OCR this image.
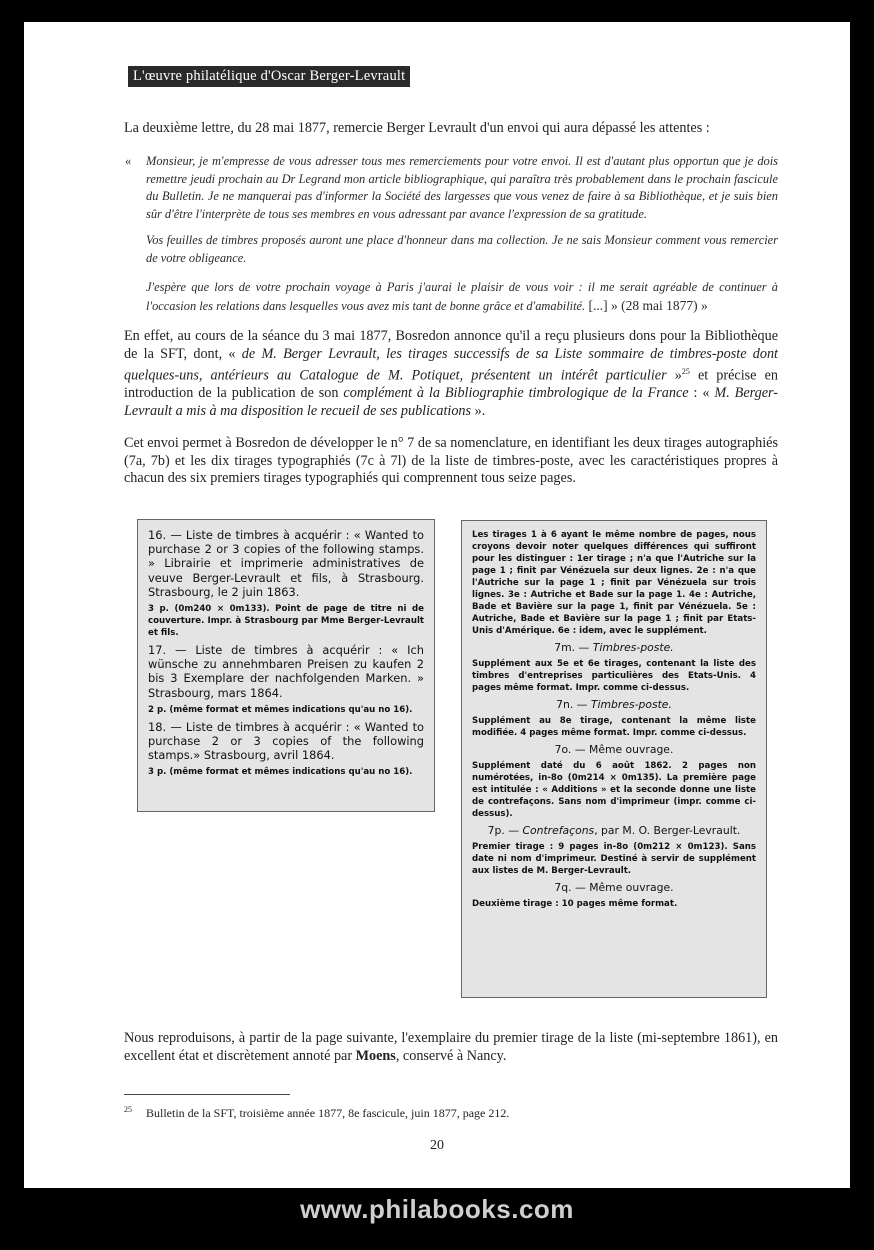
L'œuvre philatélique d'Oscar Berger-Levrault
La deuxième lettre, du 28 mai 1877, remercie Berger Levrault d'un envoi qui aura dépassé les attentes :
« Monsieur, je m'empresse de vous adresser tous mes remerciements pour votre envoi. Il est d'autant plus opportun que je dois remettre jeudi prochain au Dr Legrand mon article bibliographique, qui paraîtra très probablement dans le prochain fascicule du Bulletin. Je ne manquerai pas d'informer la Société des largesses que vous venez de faire à sa Bibliothèque, et je suis bien sûr d'être l'interprète de tous ses membres en vous adressant par avance l'expression de sa gratitude.
Vos feuilles de timbres proposés auront une place d'honneur dans ma collection. Je ne sais Monsieur comment vous remercier de votre obligeance.
J'espère que lors de votre prochain voyage à Paris j'aurai le plaisir de vous voir : il me serait agréable de continuer à l'occasion les relations dans lesquelles vous avez mis tant de bonne grâce et d'amabilité. [...] » (28 mai 1877) »
En effet, au cours de la séance du 3 mai 1877, Bosredon annonce qu'il a reçu plusieurs dons pour la Bibliothèque de la SFT, dont, « de M. Berger Levrault, les tirages successifs de sa Liste sommaire de timbres-poste dont quelques-uns, antérieurs au Catalogue de M. Potiquet, présentent un intérêt particulier »$^{25}$ et précise en introduction de la publication de son complément à la Bibliographie timbrologique de la France : « M. Berger-Levrault a mis à ma disposition le recueil de ses publications ».
Cet envoi permet à Bosredon de développer le n° 7 de sa nomenclature, en identifiant les deux tirages autographiés (7a, 7b) et les dix tirages typographiés (7c à 7l) de la liste de timbres-poste, avec les caractéristiques propres à chacun des six premiers tirages typographiés qui comprennent tous seize pages.

16. — Liste de timbres à acquérir : « Wanted to purchase 2 or 3 copies of the following stamps. » Librairie et imprimerie administratives de veuve Berger-Levrault et fils, à Strasbourg. Strasbourg, le 2 juin 1863.

3 p. (0m240 × 0m133). Point de page de titre ni de couverture. Impr. à Strasbourg par Mme Berger-Levrault et fils.

17. — Liste de timbres à acquérir : « Ich wünsche zu annehmbaren Preisen zu kaufen 2 bis 3 Exemplare der nachfolgenden Marken. » Strasbourg, mars 1864.

2 p. (même format et mêmes indications qu'au no 16).

18. — Liste de timbres à acquérir : « Wanted to purchase 2 or 3 copies of the following stamps.» Strasbourg, avril 1864.

3 p. (même format et mêmes indications qu'au no 16).

Les tirages 1 à 6 ayant le même nombre de pages, nous croyons devoir noter quelques différences qui suffiront pour les distinguer : 1er tirage ; n'a que l'Autriche sur la page 1 ; finit par Vénézuela sur deux lignes. 2e : n'a que l'Autriche sur la page 1 ; finit par Vénézuela sur trois lignes. 3e : Autriche et Bade sur la page 1. 4e : Autriche, Bade et Bavière sur la page 1, finit par Vénézuela. 5e : Autriche, Bade et Bavière sur la page 1 ; finit par Etats-Unis d'Amérique. 6e : idem, avec le supplément.

7m. — Timbres-poste.

Supplément aux 5e et 6e tirages, contenant la liste des timbres d'entreprises particulières des Etats-Unis. 4 pages même format. Impr. comme ci-dessus.

7n. — Timbres-poste.

Supplément au 8e tirage, contenant la même liste modifiée. 4 pages même format. Impr. comme ci-dessus.

7o. — Même ouvrage.

Supplément daté du 6 août 1862. 2 pages non numérotées, in-8o (0m214 × 0m135). La première page est intitulée : « Additions » et la seconde donne une liste de contrefaçons. Sans nom d'imprimeur (impr. comme ci-dessus).

7p. — Contrefaçons, par M. O. Berger-Levrault.

Premier tirage : 9 pages in-8o (0m212 × 0m123). Sans date ni nom d'imprimeur. Destiné à servir de supplément aux listes de M. Berger-Levrault.

7q. — Même ouvrage.

Deuxième tirage : 10 pages même format.

Nous reproduisons, à partir de la page suivante, l'exemplaire du premier tirage de la liste (mi-septembre 1861), en excellent état et discrètement annoté par Moens, conservé à Nancy.
$^{25}$ Bulletin de la SFT, troisième année 1877, 8e fascicule, juin 1877, page 212.
20
www.philabooks.com
